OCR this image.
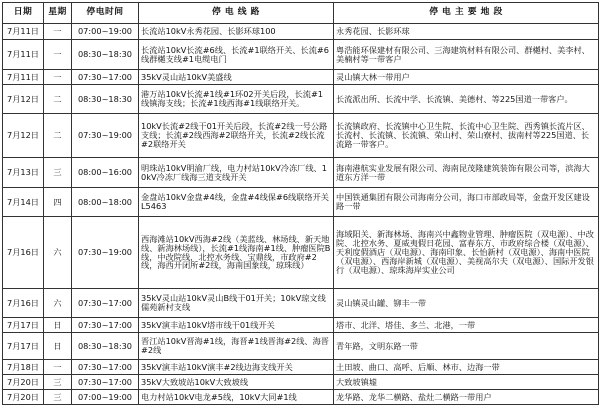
日期	星期	停电时间	停 电 线 路	停 电 主 要 地 段
7月11日	一	07:00~19:00	长流站10kV永秀花园、长影环球100	永秀花园、长影环球
7月11日	一	08:30~18:30	长流站10kV长流#6线、长流#1联络开关、长流#6线群樾支线#1电缆电门	粤浩能环保建材有限公司、三海建筑材料有限公司、群樾村、美李村、美楠村等一带客户
7月11日	一	07:30~17:00	35kV灵山站10kV美盛线	灵山镇大林一带用户
7月12日	二	08:30~18:30	港万站10kV长流#1线#1环02开关后段，长流#1线镇海支线；长流#1线西海#1线联络开关。	长流派出所、长流中学、长流镇、美德村、等225国道一带客户。
7月12日	二	07:30~19:00	10kV长流#2线干01开关后段，长流#2线一号公路支线；长流#2线西海#2联络开关，长流#2线长流#2联络开关	长流镇政府、长流镇中心卫生院、长流中心卫生院、西秀镇长流片区、长流村、长流镇、长流镇、荣山村、荣山寮村、拔南村等225国道、长流路一带客户。
7月13日	三	08:00~16:00	明珠站10kV明渝厂线，电力村站10kV冷冻厂线、10kV冷冻厂线海三道支线开关	海南港航实业发展有限公司、海南昆茂隆建筑装饰有限公司等，滨海大道东方洋一带
7月14日	四	08:00~18:00	金盘站10kV金盘#4线，金盘#4线保#6线联络开关L5463	中国铁通集团有限公司海南分公司，海口市部政局等，金盘开发区建设路一带
7月16日	六	07:30~19:00	西海滩站10kV西海#2线（美蓝线、林场线、新天地线、新海林场线），长流#1线海南#1线、肿瘤医院B线，中改院线，北控水务线、宝鼎线，市政府#2线，海西开闭所#2线，海南国象线，琼珠线）	海域阳关、新海林场、海南兴中鑫物业管理、肿瘤医院（双电源）、中改院、北控水务、夏威夷假日花园、富春东方、市政府综合楼（双电源）、天利度假酒店（双电源）、海南印象、长怡新村（双电源）、海南中医院（双电源）、西海岸新城（双电源）、美视高尔夫（双电源）、国际开发银行（双电源）、琼珠海岸实业公司
7月16日	六	07:30~17:00	35kV灵山站10kV灵山B线干01开关；10kV琼文线儒苑新村支线	灵山镇灵山罐、铆丰一带
7月17日	日	07:30~17:00	35kV演丰站10kV塔市线干01线开关	塔市、北洋、塔佳、多兰、北港，一带
7月17日	日	08:30~18:30	晋江站10kV晋海#1线，海晋#1线晋海#2线、海晋#2线	青年路，文明东路一带
7月18日	一	07:30~17:00	35kV演丰站10kV演丰#2线边海支线开关	土田坡、曲口、高呼、后順、林市、边海一带
7月20日	三	07:30~17:00	35kV大致坡站10kV大致坡线	大致坡镇墟
7月20日	三	07:00~19:00	电力村站10kV电龙#5线，10kV大同#1线	龙华路、龙华二横路、盐灶二横路一带用户
